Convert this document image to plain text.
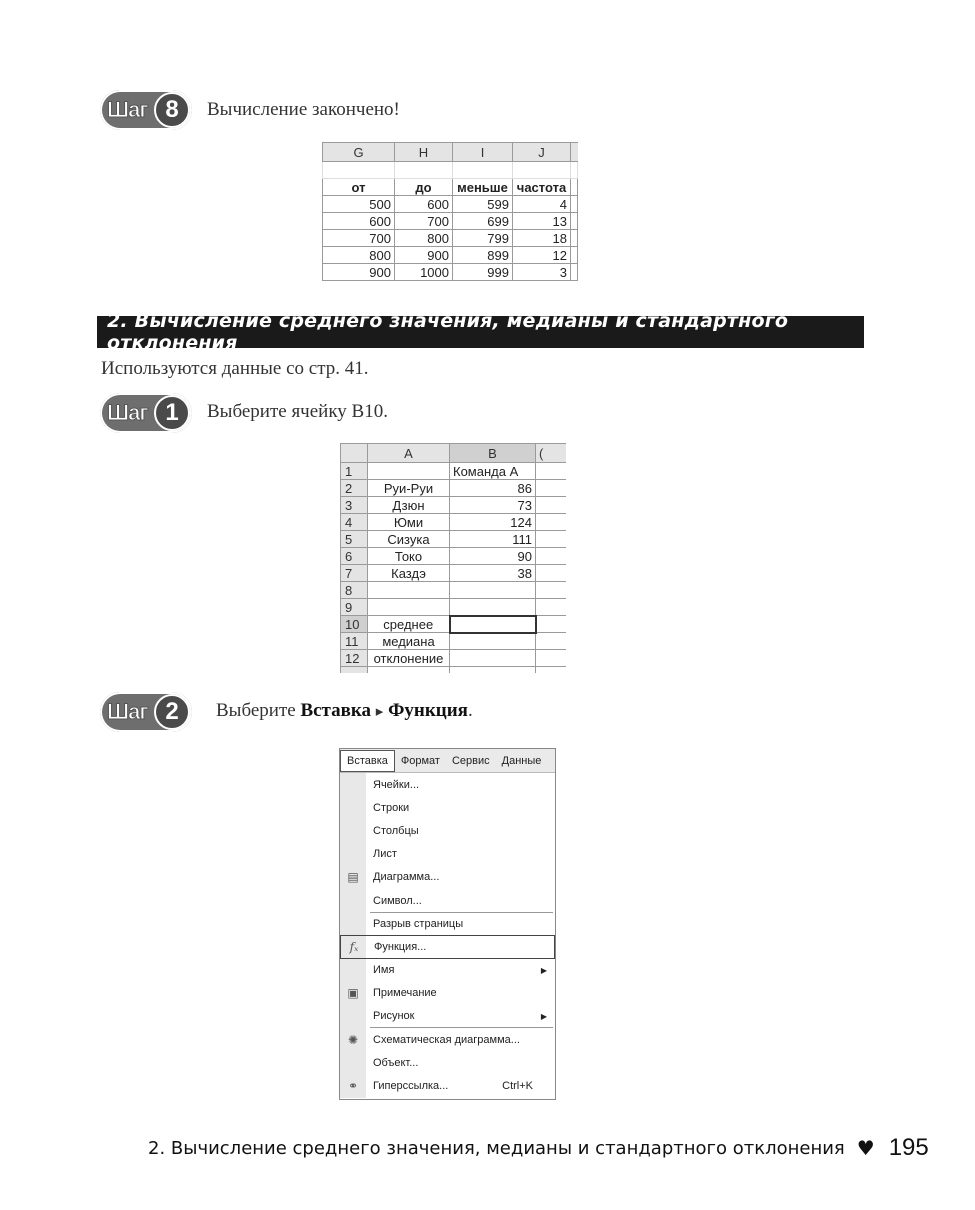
Шаг 8	Вычисление закончено!
G	H	I	J	

от	до	меньше	частота	
500	600	599	4	
600	700	699	13	
700	800	799	18	
800	900	899	12	
900	1000	999	3	
2. Вычисление среднего значения, медианы и стандартного отклонения
Используются данные со стр. 41.
Шаг 1	Выберите ячейку B10.
	A	B	(
1		Команда А	
2	Руи-Руи	86	
3	Дзюн	73	
4	Юми	124	
5	Сизука	111	
6	Токо	90	
7	Каздэ	38	
8			
9			
10	среднее		
11	медиана		
12	отклонение		

Шаг 2	Выберите Вставка ▸ Функция.
Вставка	Формат	Сервис	Данные
Ячейки...
Строки
Столбцы
Лист
▤	Диаграмма...
Символ...
Разрыв страницы
fₓ	Функция...
Имя	▶
▣	Примечание
Рисунок	▶
✺	Схематическая диаграмма...
Объект...
⚭	Гиперссылка...	Ctrl+K
2. Вычисление среднего значения, медианы и стандартного отклонения ♥ 195
